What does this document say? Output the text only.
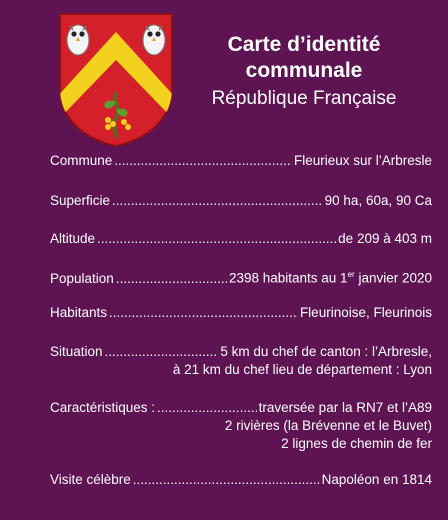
Carte d’identité
communale
République Française
Commune .....	Fleurieux sur l’Arbresle
Superficie .....	90 ha, 60a, 90 Ca
Altitude .....	de 209 à 403 m
Population .....	2398 habitants au 1er janvier 2020
Habitants .....	Fleurinoise, Fleurinois
Situation .....	5 km du chef de canton : l’Arbresle,
à 21 km du chef lieu de département : Lyon
Caractéristiques : .....	traversée par la RN7 et l’A89
2 rivières (la Brévenne et le Buvet)
2 lignes de chemin de fer
Visite célèbre .....	Napoléon en 1814
